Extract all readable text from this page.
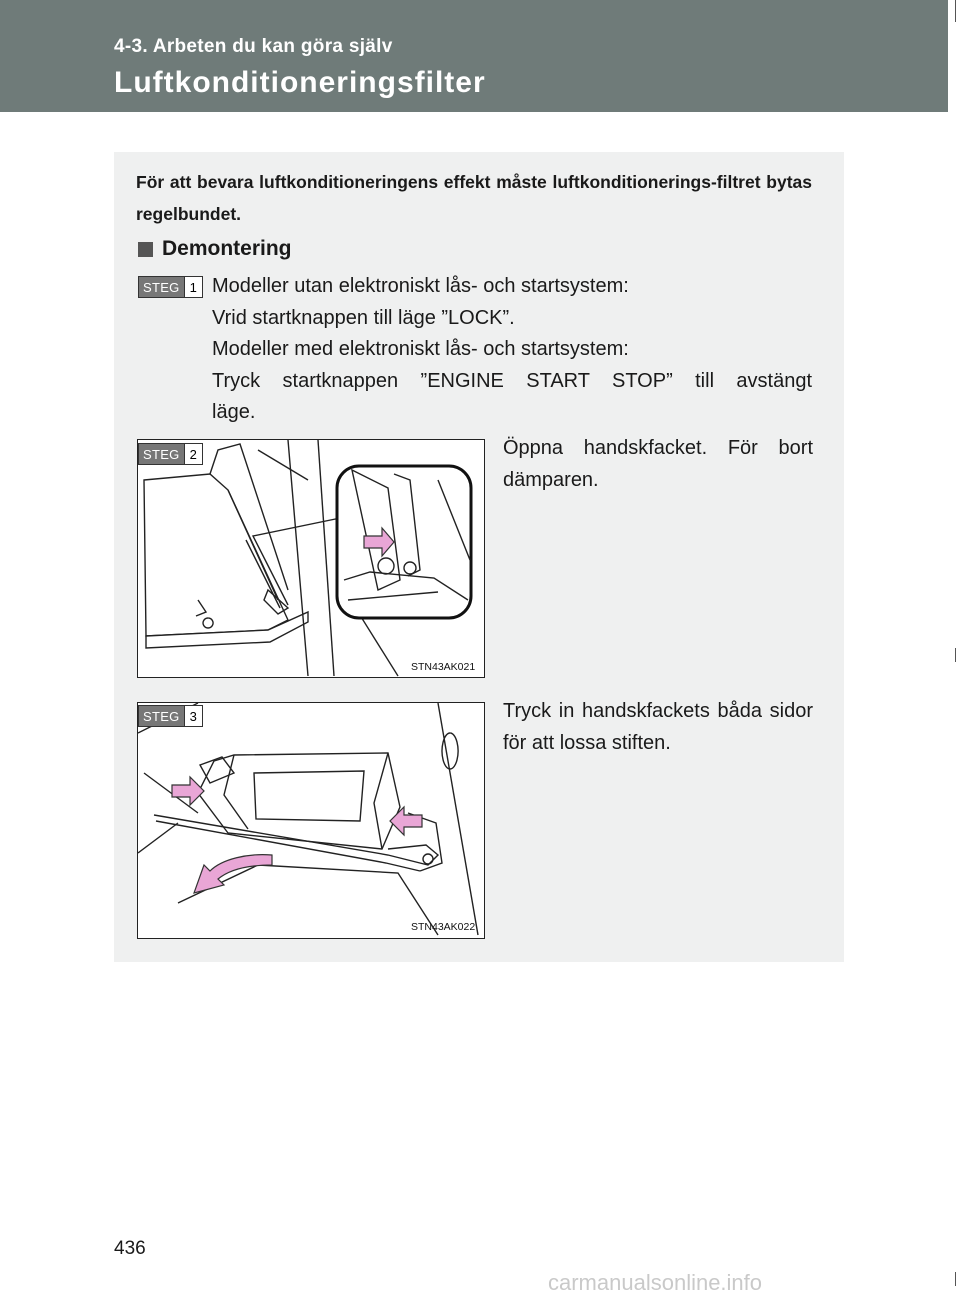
4-3. Arbeten du kan göra själv
Luftkonditioneringsfilter
För att bevara luftkonditioneringens effekt måste luftkonditionerings-filtret bytas regelbundet.
Demontering
STEG 1 Modeller utan elektroniskt lås- och startsystem:
Vrid startknappen till läge ”LOCK”.
Modeller med elektroniskt lås- och startsystem:
Tryck startknappen ”ENGINE START STOP” till avstängt
läge.
STEG 2
STN43AK021
Öppna handskfacket. För bort dämparen.
STEG 3
STN43AK022
Tryck in handskfackets båda sidor för att lossa stiften.
436
carmanualsonline.info
